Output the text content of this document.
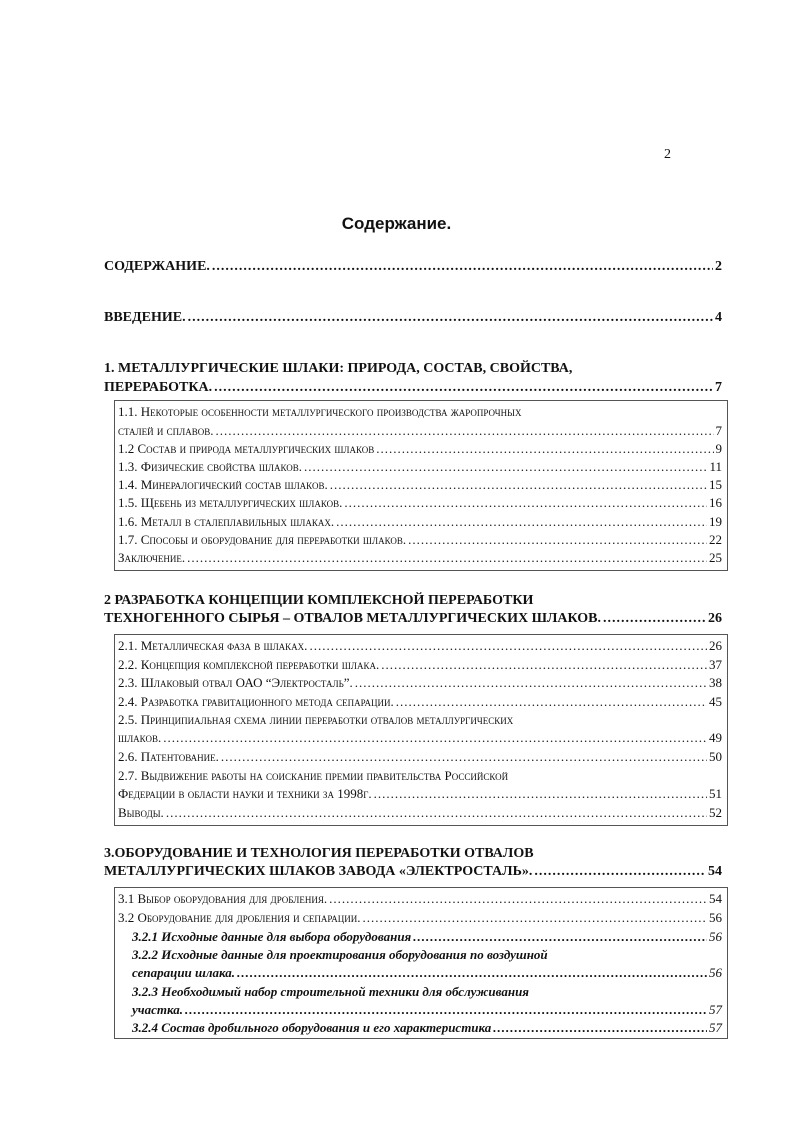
2
Содержание.
СОДЕРЖАНИЕ. .....	2
ВВЕДЕНИЕ. .....	4
1. МЕТАЛЛУРГИЧЕСКИЕ ШЛАКИ: ПРИРОДА, СОСТАВ, СВОЙСТВА,
ПЕРЕРАБОТКА. .....	7
1.1. Некоторые особенности металлургического производства жаропрочных
сталей и сплавов. .....	7
1.2 Состав и природа металлургических шлаков .....	9
1.3. Физические свойства шлаков. .....	11
1.4. Минералогический состав шлаков. .....	15
1.5. Щебень из металлургических шлаков. .....	16
1.6. Металл в сталеплавильных шлаках. .....	19
1.7. Способы и оборудование для переработки шлаков. .....	22
Заключение. .....	25
2 РАЗРАБОТКА КОНЦЕПЦИИ КОМПЛЕКСНОЙ ПЕРЕРАБОТКИ
ТЕХНОГЕННОГО СЫРЬЯ – ОТВАЛОВ МЕТАЛЛУРГИЧЕСКИХ ШЛАКОВ. .....	26
2.1. Металлическая фаза в шлаках. .....	26
2.2. Концепция комплексной переработки шлака. .....	37
2.3. Шлаковый отвал ОАО “Электросталь”. .....	38
2.4. Разработка гравитационного метода сепарации. .....	45
2.5. Принципиальная схема линии переработки отвалов металлургических
шлаков. .....	49
2.6. Патентование. .....	50
2.7. Выдвижение работы на соискание премии правительства Российской
Федерации в области науки и техники за 1998г. .....	51
Выводы. .....	52
3.ОБОРУДОВАНИЕ И ТЕХНОЛОГИЯ ПЕРЕРАБОТКИ ОТВАЛОВ
МЕТАЛЛУРГИЧЕСКИХ ШЛАКОВ ЗАВОДА «ЭЛЕКТРОСТАЛЬ». .....	54
3.1 Выбор оборудования для дробления. .....	54
3.2 Оборудование для дробления и сепарации. .....	56
3.2.1 Исходные данные для выбора оборудования .....	56
3.2.2 Исходные данные для проектирования оборудования по воздушной
сепарации шлака. .....	56
3.2.3 Необходимый набор строительной техники для обслуживания
участка. .....	57
3.2.4 Состав дробильного оборудования и его характеристика .....	57
